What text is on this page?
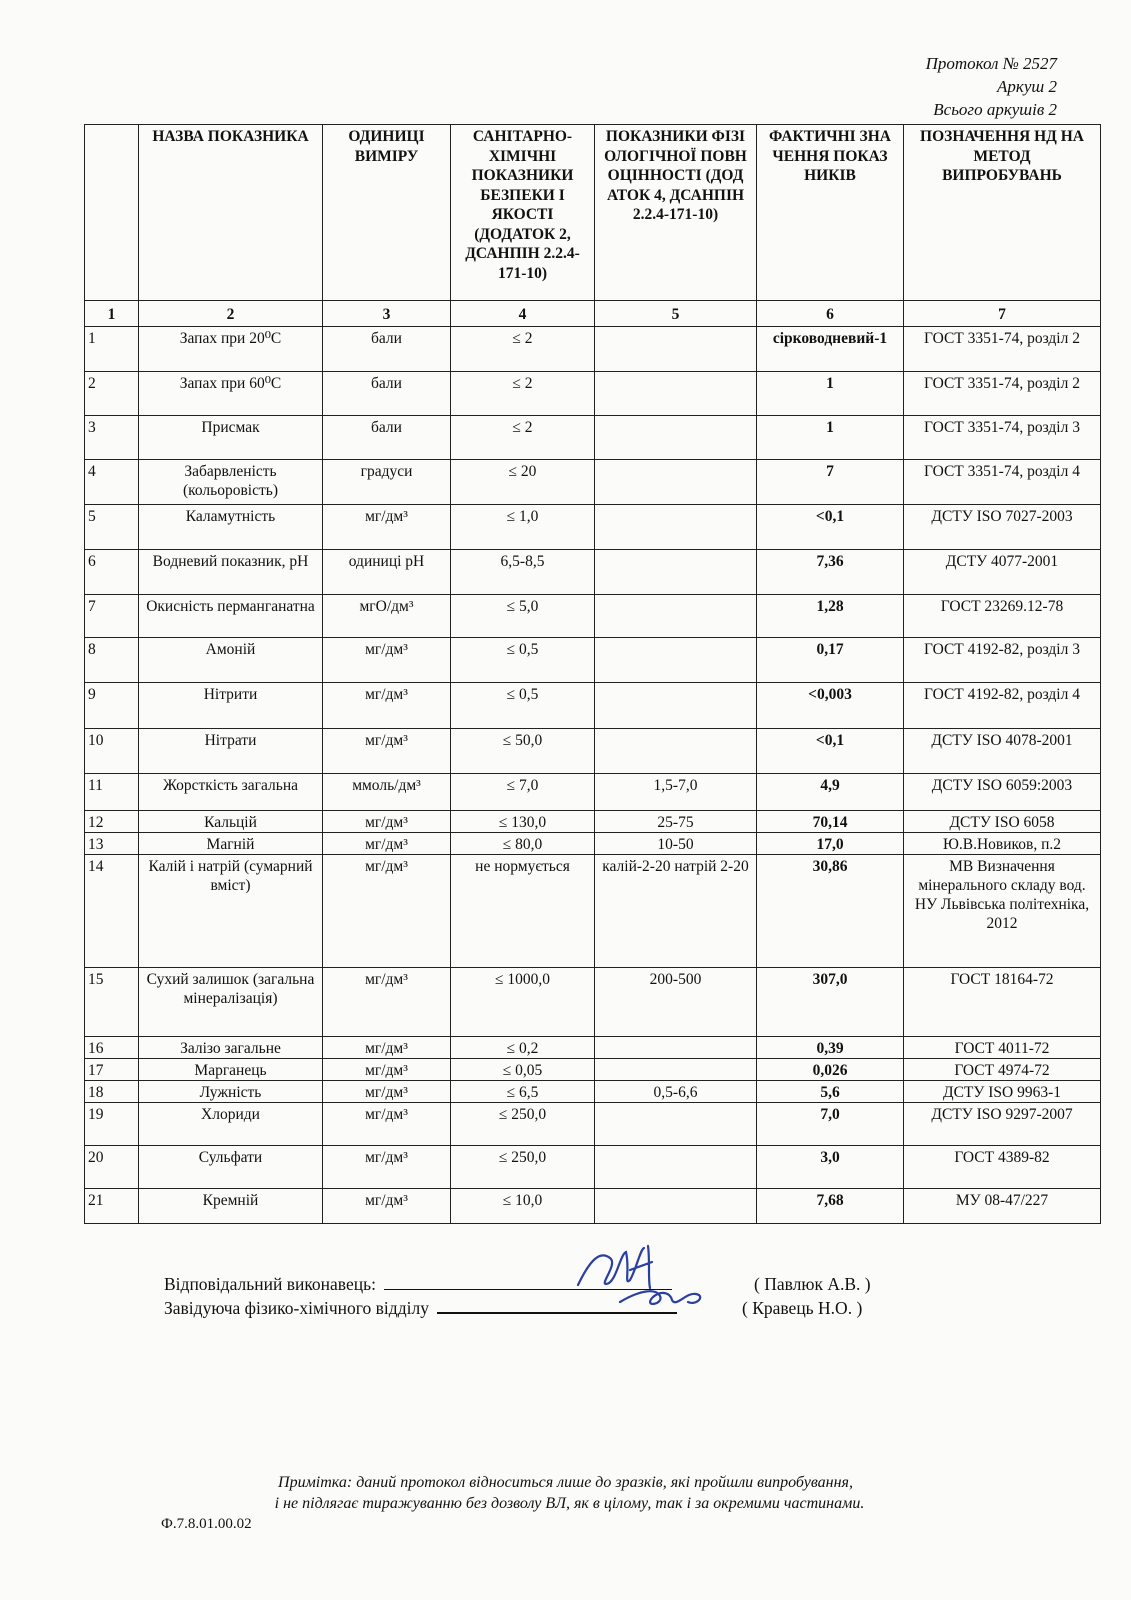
Протокол № 2527
Аркуш 2
Всього аркушів 2
	НАЗВА ПОКАЗНИКА	ОДИНИЦІ ВИМІРУ	САНІТАРНО-ХІМІЧНІ ПОКАЗНИКИ БЕЗПЕКИ І ЯКОСТІ (ДОДАТОК 2, ДСАНПІН 2.2.4-171-10)	ПОКАЗНИКИ ФІЗІОЛОГІЧНОЇ ПОВНОЦІННОСТІ (ДОДАТОК 4, ДСАНПІН 2.2.4-171-10)	ФАКТИЧНІ ЗНАЧЕННЯ ПОКАЗНИКІВ	ПОЗНАЧЕННЯ НД НА МЕТОД ВИПРОБУВАНЬ
1	2	3	4	5	6	7
1	Запах при 20⁰С	бали	≤ 2		сірководневий-1	ГОСТ 3351-74, розділ 2
2	Запах при 60⁰С	бали	≤ 2		1	ГОСТ 3351-74, розділ 2
3	Присмак	бали	≤ 2		1	ГОСТ 3351-74, розділ 3
4	Забарвленість (кольоровість)	градуси	≤ 20		7	ГОСТ 3351-74, розділ 4
5	Каламутність	мг/дм³	≤ 1,0		<0,1	ДСТУ ISO 7027-2003
6	Водневий показник, рН	одиниці рН	6,5-8,5		7,36	ДСТУ 4077-2001
7	Окисність перманганатна	мгО/дм³	≤ 5,0		1,28	ГОСТ 23269.12-78
8	Амоній	мг/дм³	≤ 0,5		0,17	ГОСТ 4192-82, розділ 3
9	Нітрити	мг/дм³	≤ 0,5		<0,003	ГОСТ 4192-82, розділ 4
10	Нітрати	мг/дм³	≤ 50,0		<0,1	ДСТУ ISO 4078-2001
11	Жорсткість загальна	ммоль/дм³	≤ 7,0	1,5-7,0	4,9	ДСТУ ISO 6059:2003
12	Кальцій	мг/дм³	≤ 130,0	25-75	70,14	ДСТУ ISO 6058
13	Магній	мг/дм³	≤ 80,0	10-50	17,0	Ю.В.Новиков, п.2
14	Калій і натрій (сумарний вміст)	мг/дм³	не нормується	калій-2-20 натрій 2-20	30,86	МВ Визначення мінерального складу вод. НУ Львівська політехніка, 2012
15	Сухий залишок (загальна мінералізація)	мг/дм³	≤ 1000,0	200-500	307,0	ГОСТ 18164-72
16	Залізо загальне	мг/дм³	≤ 0,2		0,39	ГОСТ 4011-72
17	Марганець	мг/дм³	≤ 0,05		0,026	ГОСТ 4974-72
18	Лужність	мг/дм³	≤ 6,5	0,5-6,6	5,6	ДСТУ ISO 9963-1
19	Хлориди	мг/дм³	≤ 250,0		7,0	ДСТУ ISO 9297-2007
20	Сульфати	мг/дм³	≤ 250,0		3,0	ГОСТ 4389-82
21	Кремній	мг/дм³	≤ 10,0		7,68	МУ 08-47/227
Відповідальний виконавець:	( Павлюк А.В. )
Завідуюча фізико-хімічного відділу	( Кравець Н.О. )
Примітка: даний протокол відноситься лише до зразків, які пройшли випробування,
і не підлягає тиражуванню без дозволу ВЛ, як в цілому, так і за окремими частинами.
Ф.7.8.01.00.02
